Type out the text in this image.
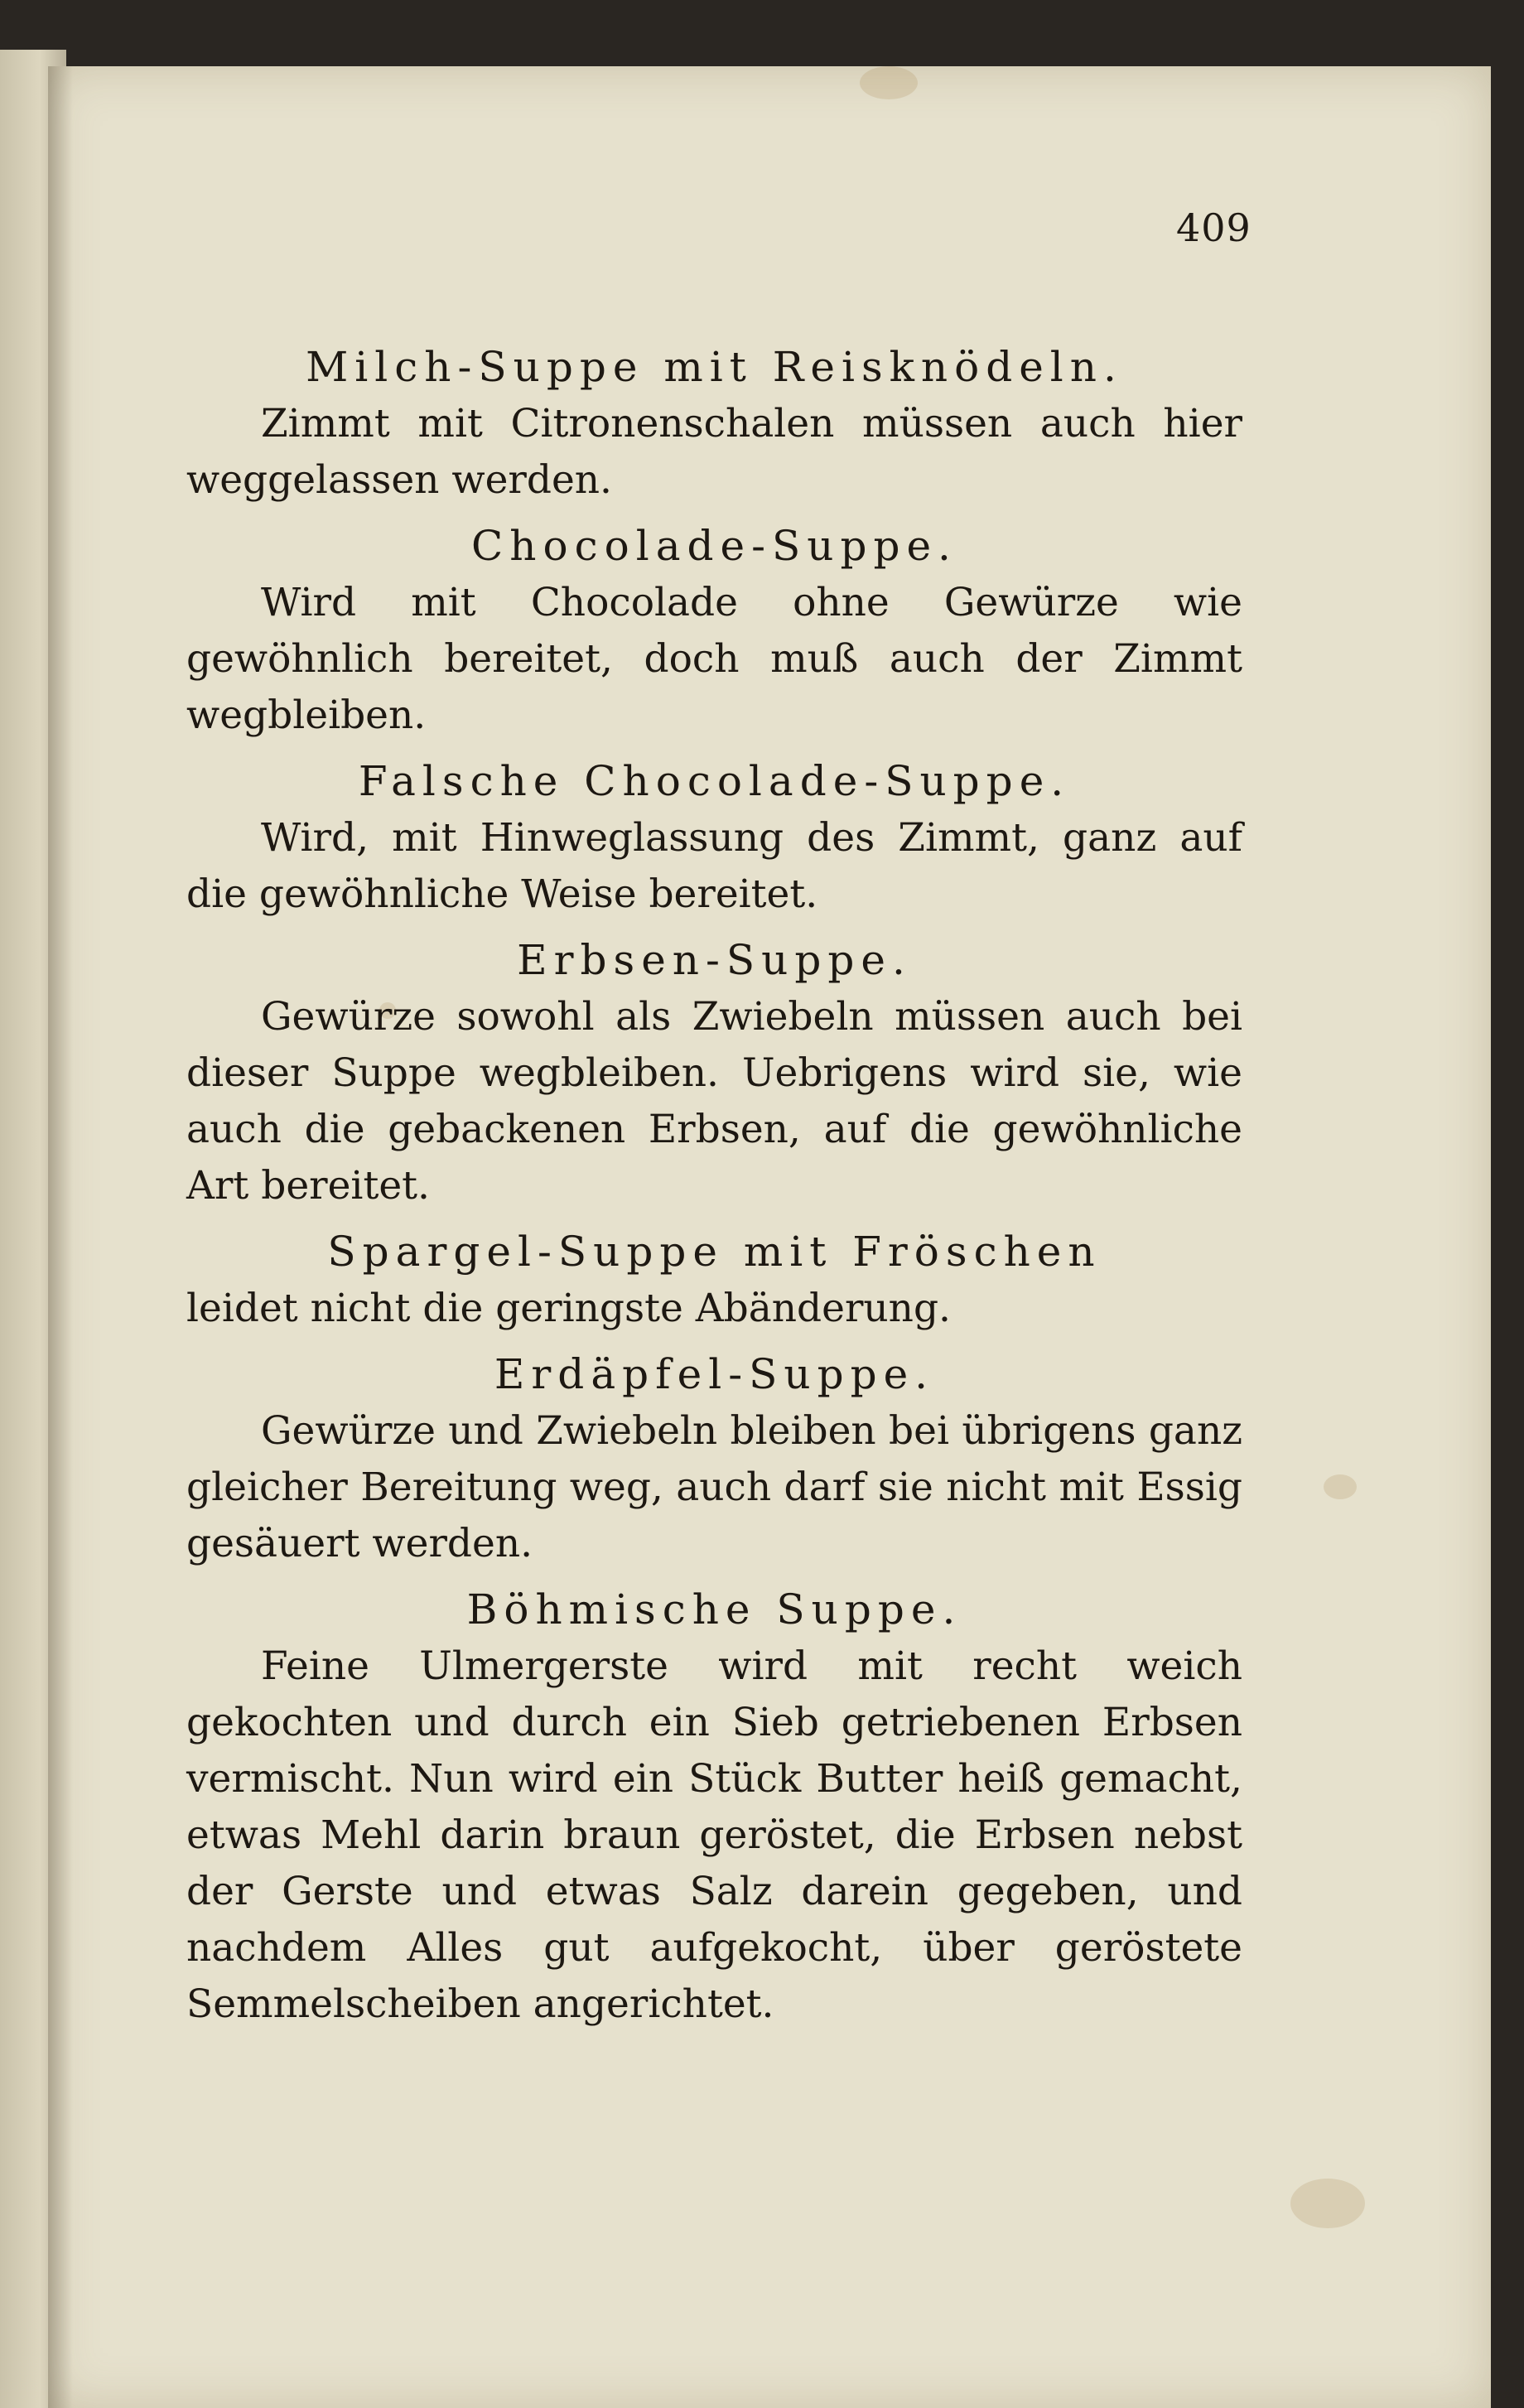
409
Milch-Suppe mit Reisknödeln.

Zimmt mit Citronenschalen müssen auch hier weggelassen werden.

Chocolade-Suppe.

Wird mit Chocolade ohne Gewürze wie gewöhnlich bereitet, doch muß auch der Zimmt wegbleiben.

Falsche Chocolade-Suppe.

Wird, mit Hinweglassung des Zimmt, ganz auf die gewöhnliche Weise bereitet.

Erbsen-Suppe.

Gewürze sowohl als Zwiebeln müssen auch bei dieser Suppe wegbleiben. Uebrigens wird sie, wie auch die gebackenen Erbsen, auf die gewöhnliche Art bereitet.

Spargel-Suppe mit Fröschen

leidet nicht die geringste Abänderung.

Erdäpfel-Suppe.

Gewürze und Zwiebeln bleiben bei übrigens ganz gleicher Bereitung weg, auch darf sie nicht mit Essig gesäuert werden.

Böhmische Suppe.

Feine Ulmergerste wird mit recht weich gekochten und durch ein Sieb getriebenen Erbsen vermischt. Nun wird ein Stück Butter heiß gemacht, etwas Mehl darin braun geröstet, die Erbsen nebst der Gerste und etwas Salz darein gegeben, und nachdem Alles gut aufgekocht, über geröstete Semmelscheiben angerichtet.
